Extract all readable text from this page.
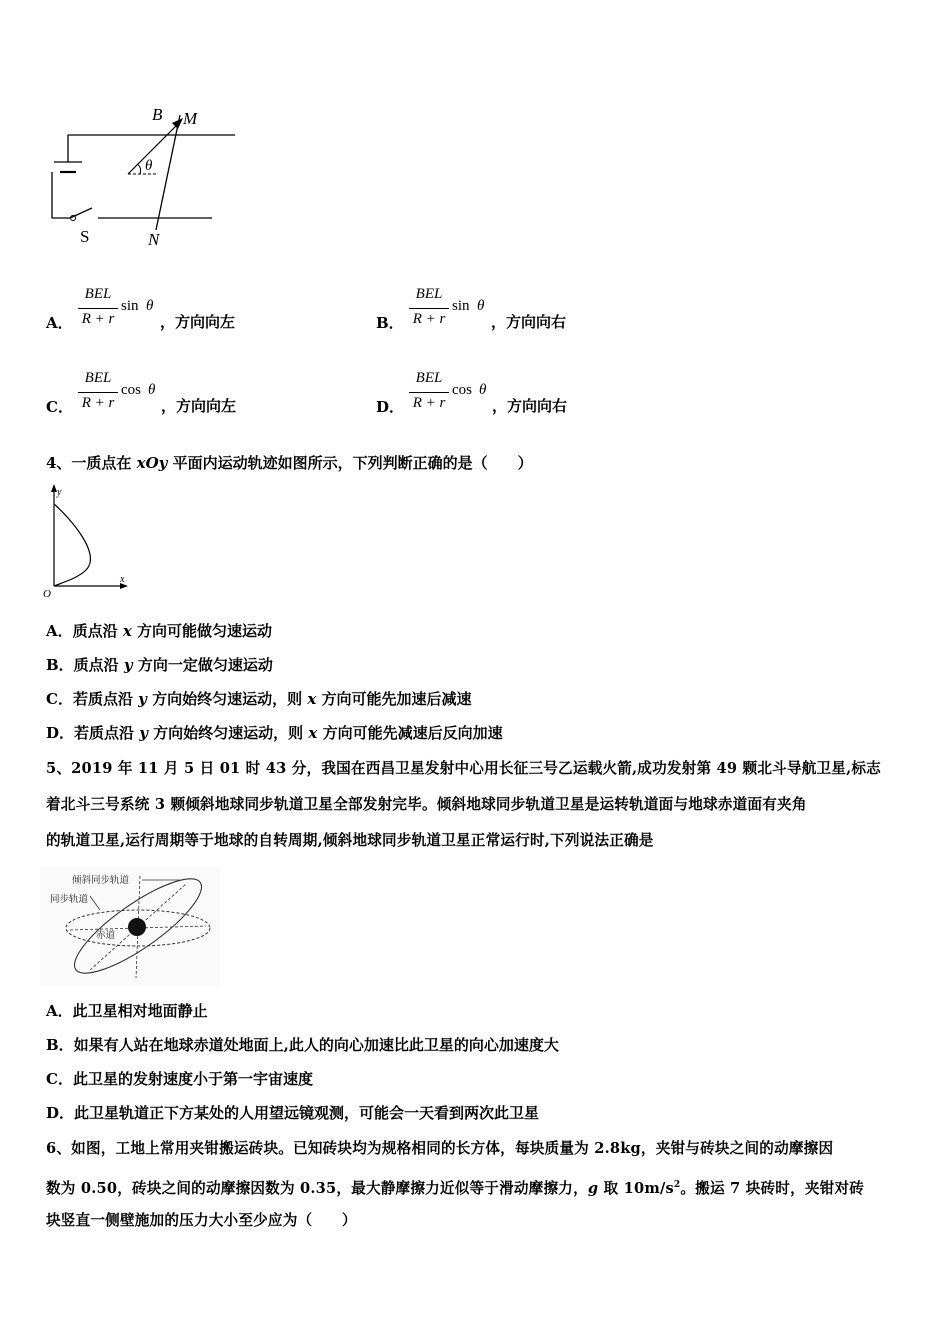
B M
θ
S	N
A．
BEL
R + r
sin θ
，方向向左	B．
BEL
R + r
sin θ
，方向向右
C．
BEL
R + r
cos θ
，方向向左	D．
BEL
R + r
cos θ
，方向向右
4、一质点在 xOy 平面内运动轨迹如图所示，下列判断正确的是（　　）
y
x
O
A．质点沿 x 方向可能做匀速运动
B．质点沿 y 方向一定做匀速运动
C．若质点沿 y 方向始终匀速运动，则 x 方向可能先加速后减速
D．若质点沿 y 方向始终匀速运动，则 x 方向可能先减速后反向加速
5、2019 年 11 月 5 日 01 时 43 分，我国在西昌卫星发射中心用长征三号乙运载火箭,成功发射第 49 颗北斗导航卫星,标志
着北斗三号系统 3 颗倾斜地球同步轨道卫星全部发射完毕。倾斜地球同步轨道卫星是运转轨道面与地球赤道面有夹角
的轨道卫星,运行周期等于地球的自转周期,倾斜地球同步轨道卫星正常运行时,下列说法正确是
倾斜同步轨道
同步轨道
赤道
A．此卫星相对地面静止
B．如果有人站在地球赤道处地面上,此人的向心加速比此卫星的向心加速度大
C．此卫星的发射速度小于第一宇宙速度
D．此卫星轨道正下方某处的人用望远镜观测，可能会一天看到两次此卫星
6、如图，工地上常用夹钳搬运砖块。已知砖块均为规格相同的长方体，每块质量为 2.8kg，夹钳与砖块之间的动摩擦因
数为 0.50，砖块之间的动摩擦因数为 0.35，最大静摩擦力近似等于滑动摩擦力，g 取 $10m/s^2$。搬运 7 块砖时，夹钳对砖
块竖直一侧壁施加的压力大小至少应为（　　）
